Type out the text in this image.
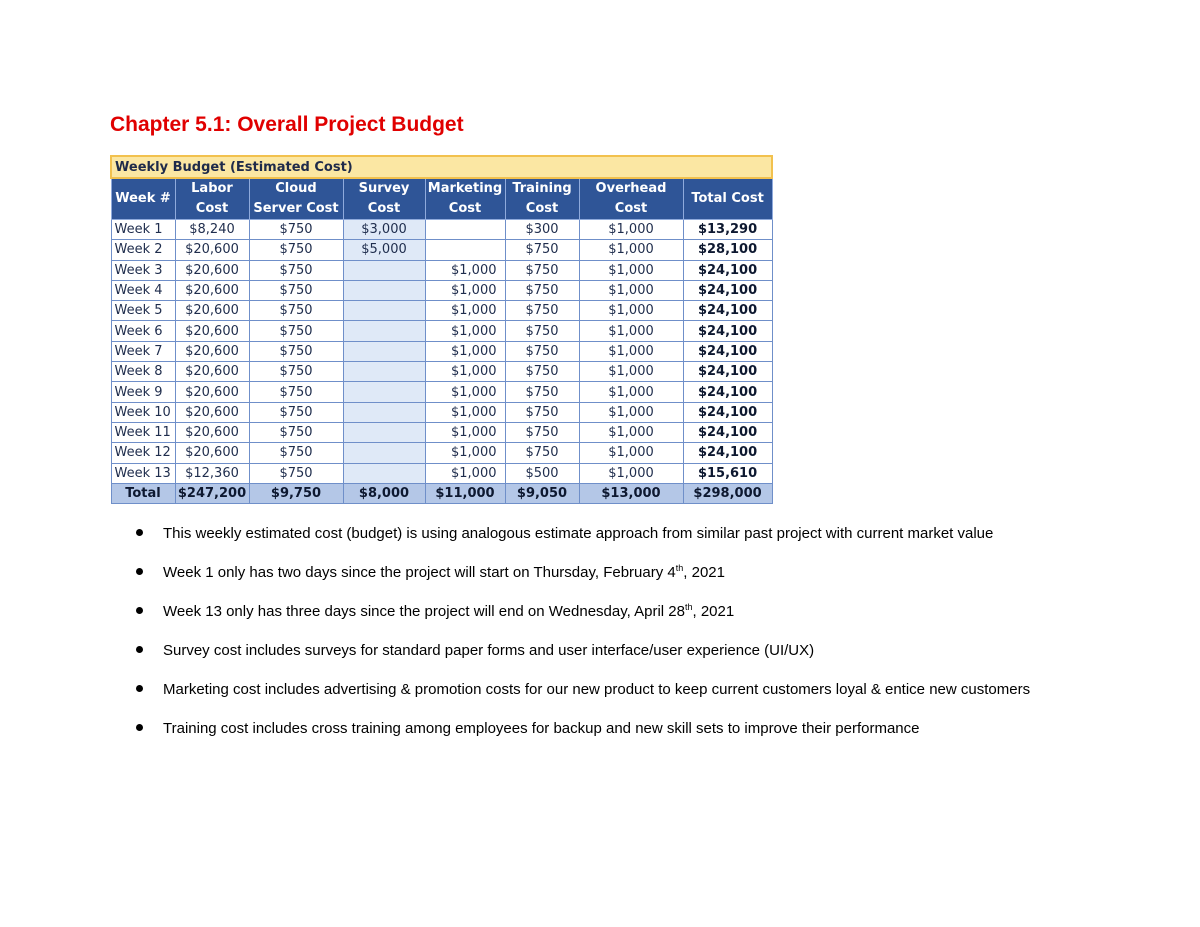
Chapter 5.1: Overall Project Budget
Weekly Budget (Estimated Cost)							
Week #	Labor Cost	Cloud Server Cost	Survey Cost	Marketing Cost	Training Cost	Overhead Cost	Total Cost
Week 1	$8,240	$750	$3,000		$300	$1,000	$13,290
Week 2	$20,600	$750	$5,000		$750	$1,000	$28,100
Week 3	$20,600	$750		$1,000	$750	$1,000	$24,100
Week 4	$20,600	$750		$1,000	$750	$1,000	$24,100
Week 5	$20,600	$750		$1,000	$750	$1,000	$24,100
Week 6	$20,600	$750		$1,000	$750	$1,000	$24,100
Week 7	$20,600	$750		$1,000	$750	$1,000	$24,100
Week 8	$20,600	$750		$1,000	$750	$1,000	$24,100
Week 9	$20,600	$750		$1,000	$750	$1,000	$24,100
Week 10	$20,600	$750		$1,000	$750	$1,000	$24,100
Week 11	$20,600	$750		$1,000	$750	$1,000	$24,100
Week 12	$20,600	$750		$1,000	$750	$1,000	$24,100
Week 13	$12,360	$750		$1,000	$500	$1,000	$15,610
Total	$247,200	$9,750	$8,000	$11,000	$9,050	$13,000	$298,000
This weekly estimated cost (budget) is using analogous estimate approach from similar past project with current market value
Week 1 only has two days since the project will start on Thursday, February 4th, 2021
Week 13 only has three days since the project will end on Wednesday, April 28th, 2021
Survey cost includes surveys for standard paper forms and user interface/user experience (UI/UX)
Marketing cost includes advertising & promotion costs for our new product to keep current customers loyal & entice new customers
Training cost includes cross training among employees for backup and new skill sets to improve their performance
